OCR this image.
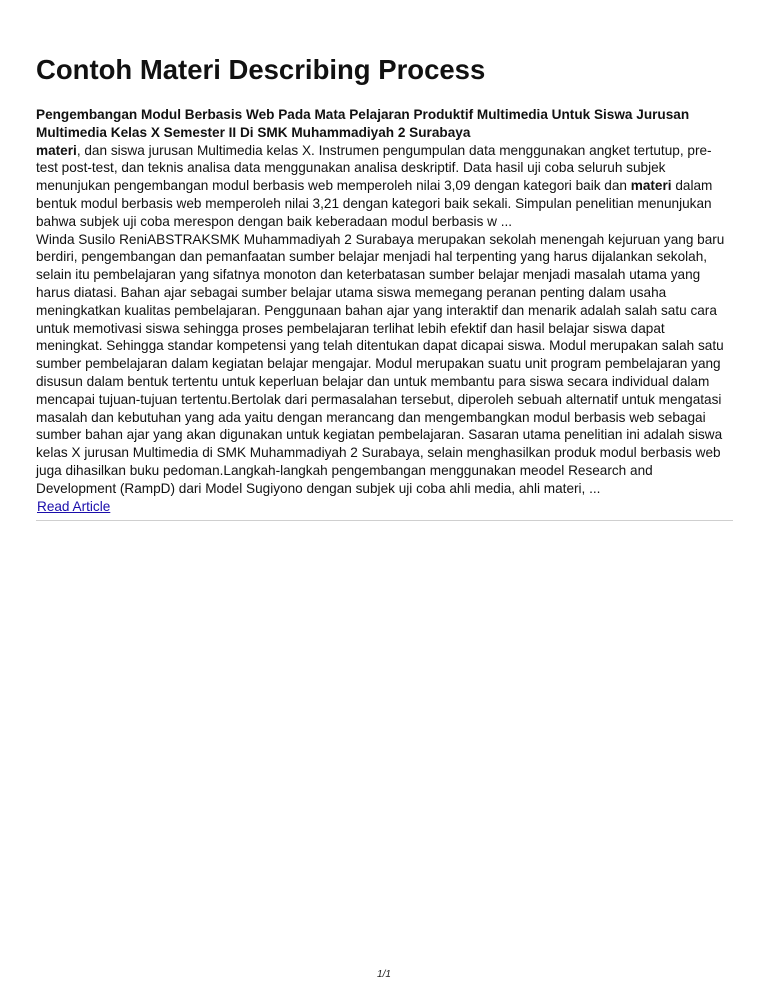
Contoh Materi Describing Process
Pengembangan Modul Berbasis Web Pada Mata Pelajaran Produktif Multimedia Untuk Siswa Jurusan Multimedia Kelas X Semester II Di SMK Muhammadiyah 2 Surabaya

materi, dan siswa jurusan Multimedia kelas X. Instrumen pengumpulan data menggunakan angket tertutup, pre-test post-test, dan teknis analisa data menggunakan analisa deskriptif. Data hasil uji coba seluruh subjek menunjukan pengembangan modul berbasis web memperoleh nilai 3,09 dengan kategori baik dan materi dalam bentuk modul berbasis web memperoleh nilai 3,21 dengan kategori baik sekali. Simpulan penelitian menunjukan bahwa subjek uji coba merespon dengan baik keberadaan modul berbasis w ...

Winda Susilo ReniABSTRAKSMK Muhammadiyah 2 Surabaya merupakan sekolah menengah kejuruan yang baru berdiri, pengembangan dan pemanfaatan sumber belajar menjadi hal terpenting yang harus dijalankan sekolah, selain itu pembelajaran yang sifatnya monoton dan keterbatasan sumber belajar menjadi masalah utama yang harus diatasi. Bahan ajar sebagai sumber belajar utama siswa memegang peranan penting dalam usaha meningkatkan kualitas pembelajaran. Penggunaan bahan ajar yang interaktif dan menarik adalah salah satu cara untuk memotivasi siswa sehingga proses pembelajaran terlihat lebih efektif dan hasil belajar siswa dapat meningkat. Sehingga standar kompetensi yang telah ditentukan dapat dicapai siswa. Modul merupakan salah satu sumber pembelajaran dalam kegiatan belajar mengajar. Modul merupakan suatu unit program pembelajaran yang disusun dalam bentuk tertentu untuk keperluan belajar dan untuk membantu para siswa secara individual dalam mencapai tujuan-tujuan tertentu.Bertolak dari permasalahan tersebut, diperoleh sebuah alternatif untuk mengatasi masalah dan kebutuhan yang ada yaitu dengan merancang dan mengembangkan modul berbasis web sebagai sumber bahan ajar yang akan digunakan untuk kegiatan pembelajaran. Sasaran utama penelitian ini adalah siswa kelas X jurusan Multimedia di SMK Muhammadiyah 2 Surabaya, selain menghasilkan produk modul berbasis web juga dihasilkan buku pedoman.Langkah-langkah pengembangan menggunakan meodel Research and Development (RampD) dari Model Sugiyono dengan subjek uji coba ahli media, ahli materi, ...

Read Article
1/1
